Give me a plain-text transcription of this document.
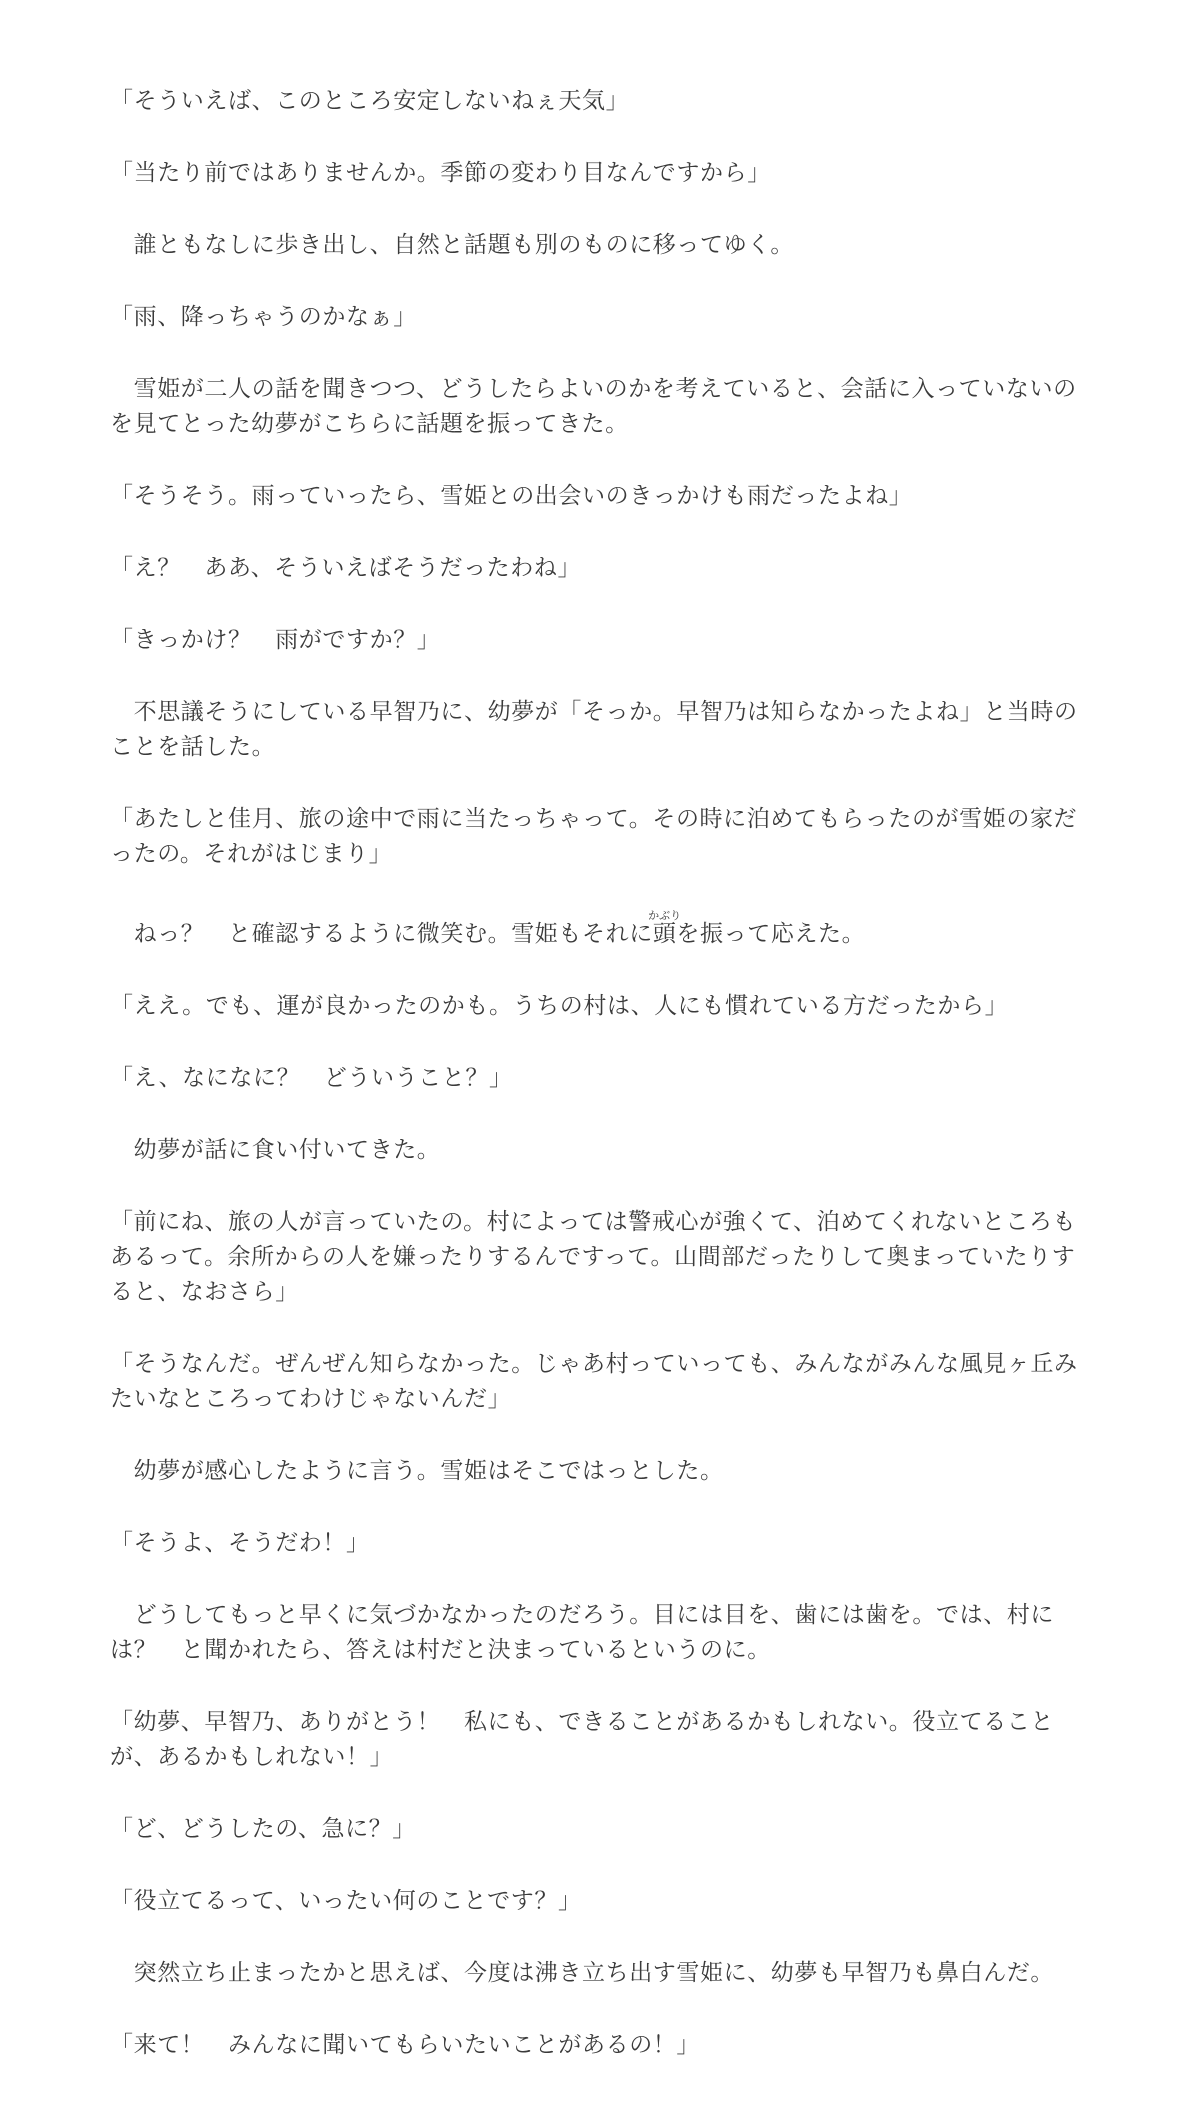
「そういえば、このところ安定しないねぇ天気」

「当たり前ではありませんか。季節の変わり目なんですから」

　誰ともなしに歩き出し、自然と話題も別のものに移ってゆく。

「雨、降っちゃうのかなぁ」

　雪姫が二人の話を聞きつつ、どうしたらよいのかを考えていると、会話に入っていないのを見てとった幼夢がこちらに話題を振ってきた。

「そうそう。雨っていったら、雪姫との出会いのきっかけも雨だったよね」

「え？　ああ、そういえばそうだったわね」

「きっかけ？　雨がですか？」

　不思議そうにしている早智乃に、幼夢が「そっか。早智乃は知らなかったよね」と当時のことを話した。

「あたしと佳月、旅の途中で雨に当たっちゃって。その時に泊めてもらったのが雪姫の家だったの。それがはじまり」

　ねっ？　と確認するように微笑む。雪姫もそれに頭かぶりを振って応えた。

「ええ。でも、運が良かったのかも。うちの村は、人にも慣れている方だったから」

「え、なになに？　どういうこと？」

　幼夢が話に食い付いてきた。

「前にね、旅の人が言っていたの。村によっては警戒心が強くて、泊めてくれないところもあるって。余所からの人を嫌ったりするんですって。山間部だったりして奥まっていたりすると、なおさら」

「そうなんだ。ぜんぜん知らなかった。じゃあ村っていっても、みんながみんな風見ヶ丘みたいなところってわけじゃないんだ」

　幼夢が感心したように言う。雪姫はそこではっとした。

「そうよ、そうだわ！」

　どうしてもっと早くに気づかなかったのだろう。目には目を、歯には歯を。では、村には？　と聞かれたら、答えは村だと決まっているというのに。

「幼夢、早智乃、ありがとう！　私にも、できることがあるかもしれない。役立てることが、あるかもしれない！」

「ど、どうしたの、急に？」

「役立てるって、いったい何のことです？」

　突然立ち止まったかと思えば、今度は沸き立ち出す雪姫に、幼夢も早智乃も鼻白んだ。

「来て！　みんなに聞いてもらいたいことがあるの！」
